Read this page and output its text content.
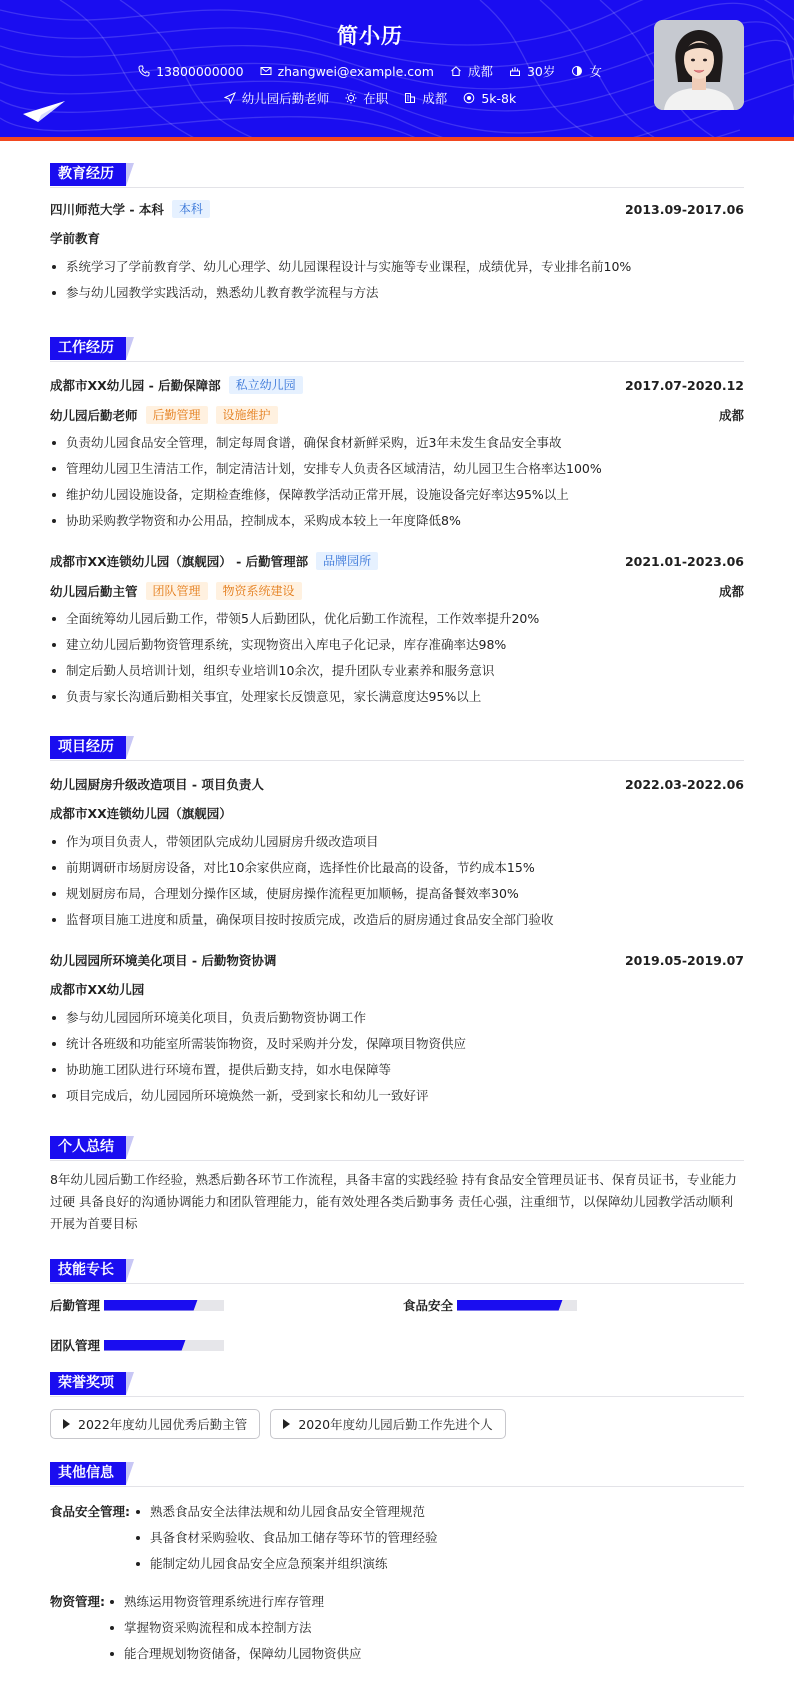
简小历
13800000000	zhangwei@example.com	成都	30岁	女
幼儿园后勤老师	在职	成都	5k-8k
教育经历
四川师范大学 - 本科	本科	2013.09-2017.06
学前教育
系统学习了学前教育学、幼儿心理学、幼儿园课程设计与实施等专业课程，成绩优异，专业排名前10%
参与幼儿园教学实践活动，熟悉幼儿教育教学流程与方法
工作经历
成都市XX幼儿园 - 后勤保障部	私立幼儿园	2017.07-2020.12
幼儿园后勤老师	后勤管理	设施维护	成都
负责幼儿园食品安全管理，制定每周食谱，确保食材新鲜采购，近3年未发生食品安全事故
管理幼儿园卫生清洁工作，制定清洁计划，安排专人负责各区域清洁，幼儿园卫生合格率达100%
维护幼儿园设施设备，定期检查维修，保障教学活动正常开展，设施设备完好率达95%以上
协助采购教学物资和办公用品，控制成本，采购成本较上一年度降低8%
成都市XX连锁幼儿园（旗舰园） - 后勤管理部	品牌园所	2021.01-2023.06
幼儿园后勤主管	团队管理	物资系统建设	成都
全面统筹幼儿园后勤工作，带领5人后勤团队，优化后勤工作流程，工作效率提升20%
建立幼儿园后勤物资管理系统，实现物资出入库电子化记录，库存准确率达98%
制定后勤人员培训计划，组织专业培训10余次，提升团队专业素养和服务意识
负责与家长沟通后勤相关事宜，处理家长反馈意见，家长满意度达95%以上
项目经历
幼儿园厨房升级改造项目 - 项目负责人	2022.03-2022.06
成都市XX连锁幼儿园（旗舰园）
作为项目负责人，带领团队完成幼儿园厨房升级改造项目
前期调研市场厨房设备，对比10余家供应商，选择性价比最高的设备，节约成本15%
规划厨房布局，合理划分操作区域，使厨房操作流程更加顺畅，提高备餐效率30%
监督项目施工进度和质量，确保项目按时按质完成，改造后的厨房通过食品安全部门验收
幼儿园园所环境美化项目 - 后勤物资协调	2019.05-2019.07
成都市XX幼儿园
参与幼儿园园所环境美化项目，负责后勤物资协调工作
统计各班级和功能室所需装饰物资，及时采购并分发，保障项目物资供应
协助施工团队进行环境布置，提供后勤支持，如水电保障等
项目完成后，幼儿园园所环境焕然一新，受到家长和幼儿一致好评
个人总结

8年幼儿园后勤工作经验，熟悉后勤各环节工作流程，具备丰富的实践经验 持有食品安全管理员证书、保育员证书，专业能力过硬 具备良好的沟通协调能力和团队管理能力，能有效处理各类后勤事务 责任心强，注重细节，以保障幼儿园教学活动顺利开展为首要目标

技能专长
后勤管理	食品安全
团队管理
荣誉奖项
2022年度幼儿园优秀后勤主管	2020年度幼儿园后勤工作先进个人
其他信息
食品安全管理:	熟悉食品安全法律法规和幼儿园食品安全管理规范
具备食材采购验收、食品加工储存等环节的管理经验
能制定幼儿园食品安全应急预案并组织演练
物资管理:	熟练运用物资管理系统进行库存管理
掌握物资采购流程和成本控制方法
能合理规划物资储备，保障幼儿园物资供应
